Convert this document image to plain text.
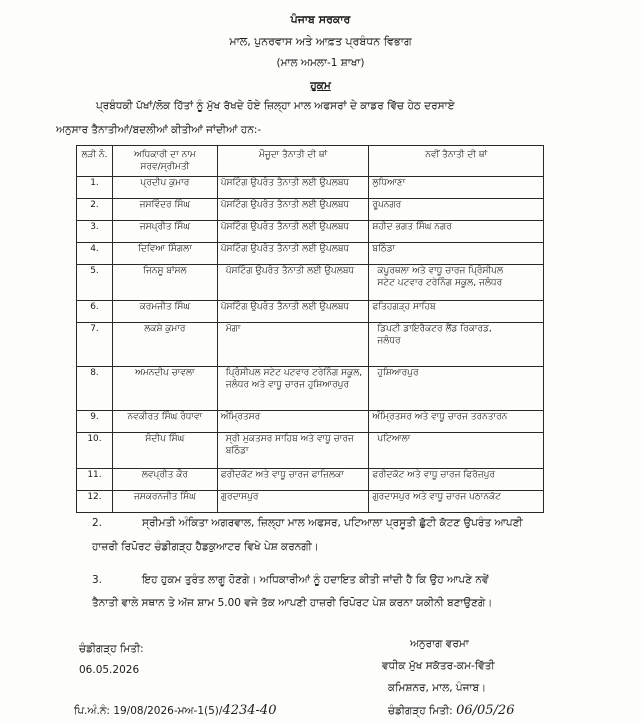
ਪੰਜਾਬ ਸਰਕਾਰ
ਮਾਲ, ਪੁਨਰਵਾਸ ਅਤੇ ਆਫ਼ਤ ਪ੍ਰਬੰਧਨ ਵਿਭਾਗ
(ਮਾਲ ਅਮਲਾ-1 ਸ਼ਾਖਾ)
ਹੁਕਮ
ਪ੍ਰਬੰਧਕੀ ਪੱਖਾਂ/ਲੋਕ ਹਿੱਤਾਂ ਨੂੰ ਮੁੱਖ ਰੱਖਦੇ ਹੋਏ ਜ਼ਿਲ੍ਹਾ ਮਾਲ ਅਫਸਰਾਂ ਦੇ ਕਾਡਰ ਵਿੱਚ ਹੇਠ ਦਰਸਾਏ
ਅਨੁਸਾਰ ਤੈਨਾਤੀਆਂ/ਬਦਲੀਆਂ ਕੀਤੀਆਂ ਜਾਂਦੀਆਂ ਹਨ:-
ਲੜੀ ਨੰ.	ਅਧਿਕਾਰੀ ਦਾ ਨਾਮ
ਸਰਵ/ਸ੍ਰੀਮਤੀ	ਮੌਜੂਦਾ ਤੈਨਾਤੀ ਦੀ ਥਾਂ	ਨਵੀਂ ਤੈਨਾਤੀ ਦੀ ਥਾਂ

1.	ਪ੍ਰਦੀਪ ਕੁਮਾਰ	ਪੋਸਟਿੰਗ ਉਪਰੰਤ ਤੈਨਾਤੀ ਲਈ ਉਪਲਬਧ	ਲੁਧਿਆਣਾ

2.	ਜਸਵਿੰਦਰ ਸਿੰਘ	ਪੋਸਟਿੰਗ ਉਪਰੰਤ ਤੈਨਾਤੀ ਲਈ ਉਪਲਬਧ	ਰੂਪਨਗਰ

3.	ਜਸਪ੍ਰੀਤ ਸਿੰਘ	ਪੋਸਟਿੰਗ ਉਪਰੰਤ ਤੈਨਾਤੀ ਲਈ ਉਪਲਬਧ	ਸ਼ਹੀਦ ਭਗਤ ਸਿੰਘ ਨਗਰ

4.	ਦਿਵਿਆ ਸਿੰਗਲਾ	ਪੋਸਟਿੰਗ ਉਪਰੰਤ ਤੈਨਾਤੀ ਲਈ ਉਪਲਬਧ	ਬਠਿੰਡਾ

5.	ਜਿਨਸੂ ਬਾਂਸਲ	ਪੋਸਟਿੰਗ ਉਪਰੰਤ ਤੈਨਾਤੀ ਲਈ ਉਪਲਬਧ	ਕਪੂਰਥਲਾ ਅਤੇ ਵਾਧੂ ਚਾਰਜ ਪ੍ਰਿੰਸੀਪਲ
ਸਟੇਟ ਪਟਵਾਰ ਟਰੇਨਿੰਗ ਸਕੂਲ, ਜਲੰਧਰ

6.	ਕਰਮਜੀਤ ਸਿੰਘ	ਪੋਸਟਿੰਗ ਉਪਰੰਤ ਤੈਨਾਤੀ ਲਈ ਉਪਲਬਧ	ਫਤਿਹਗੜ੍ਹ ਸਾਹਿਬ

7.	ਲਕਸ਼ੇ ਕੁਮਾਰ	ਮੋਗਾ	ਡਿਪਟੀ ਡਾਇਰੈਕਟਰ ਲੈਂਡ ਰਿਕਾਰਡ,
ਜਲੰਧਰ

8.	ਅਮਨਦੀਪ ਚਾਵਲਾ	ਪ੍ਰਿੰਸੀਪਲ ਸਟੇਟ ਪਟਵਾਰ ਟਰੇਨਿੰਗ ਸਕੂਲ,
ਜਲੰਧਰ ਅਤੇ ਵਾਧੂ ਚਾਰਜ ਹੁਸ਼ਿਆਰਪੁਰ	ਹੁਸ਼ਿਆਰਪੁਰ

9.	ਨਵਕੀਰਤ ਸਿੰਘ ਰੰਧਾਵਾ	ਅੰਮ੍ਰਿਤਸਰ	ਅੰਮ੍ਰਿਤਸਰ ਅਤੇ ਵਾਧੂ ਚਾਰਜ ਤਰਨਤਾਰਨ

10.	ਸੰਦੀਪ ਸਿੰਘ	ਸ੍ਰੀ ਮੁਕਤਸਰ ਸਾਹਿਬ ਅਤੇ ਵਾਧੂ ਚਾਰਜ
ਬਠਿੰਡਾ	ਪਟਿਆਲਾ

11.	ਲਵਪ੍ਰੀਤ ਕੌਰ	ਫਰੀਦਕੋਟ ਅਤੇ ਵਾਧੂ ਚਾਰਜ ਫਾਜ਼ਿਲਕਾ	ਫਰੀਦਕੋਟ ਅਤੇ ਵਾਧੂ ਚਾਰਜ ਫਿਰੋਜ਼ਪੁਰ

12.	ਜਸਕਰਨਜੀਤ ਸਿੰਘ	ਗੁਰਦਾਸਪੁਰ	ਗੁਰਦਾਸਪੁਰ ਅਤੇ ਵਾਧੂ ਚਾਰਜ ਪਠਾਨਕੋਟ
2.	ਸ੍ਰੀਮਤੀ ਅੰਕਿਤਾ ਅਗਰਵਾਲ, ਜ਼ਿਲ੍ਹਾ ਮਾਲ ਅਫਸਰ, ਪਟਿਆਲਾ ਪ੍ਰਸੂਤੀ ਛੁੱਟੀ ਕੱਟਣ ਉਪਰੰਤ ਆਪਣੀ
ਹਾਜ਼ਰੀ ਰਿਪੋਰਟ ਚੰਡੀਗੜ੍ਹ ਹੈਡਕੁਆਟਰ ਵਿਖੇ ਪੇਸ਼ ਕਰਨਗੀ।
3.	ਇਹ ਹੁਕਮ ਤੁਰੰਤ ਲਾਗੂ ਹੋਣਗੇ। ਅਧਿਕਾਰੀਆਂ ਨੂੰ ਹਦਾਇਤ ਕੀਤੀ ਜਾਂਦੀ ਹੈ ਕਿ ਉਹ ਆਪਣੇ ਨਵੇਂ
ਤੈਨਾਤੀ ਵਾਲੇ ਸਥਾਨ ਤੇ ਅੱਜ ਸ਼ਾਮ 5.00 ਵਜੇ ਤੱਕ ਆਪਣੀ ਹਾਜ਼ਰੀ ਰਿਪੋਰਟ ਪੇਸ਼ ਕਰਨਾ ਯਕੀਨੀ ਬਣਾਉਣਗੇ।
ਚੰਡੀਗੜ੍ਹ ਮਿਤੀ:
06.05.2026
ਅਨੁਰਾਗ ਵਰਮਾ
ਵਧੀਕ ਮੁੱਖ ਸਕੱਤਰ-ਕਮ-ਵਿੱਤੀ
ਕਮਿਸ਼ਨਰ, ਮਾਲ, ਪੰਜਾਬ।
ਪਿ.ਅੰ.ਨੰ: 19/08/2026-ਮਅ-1(5)/4234-40	ਚੰਡੀਗੜ੍ਹ ਮਿਤੀ: 06/05/26
